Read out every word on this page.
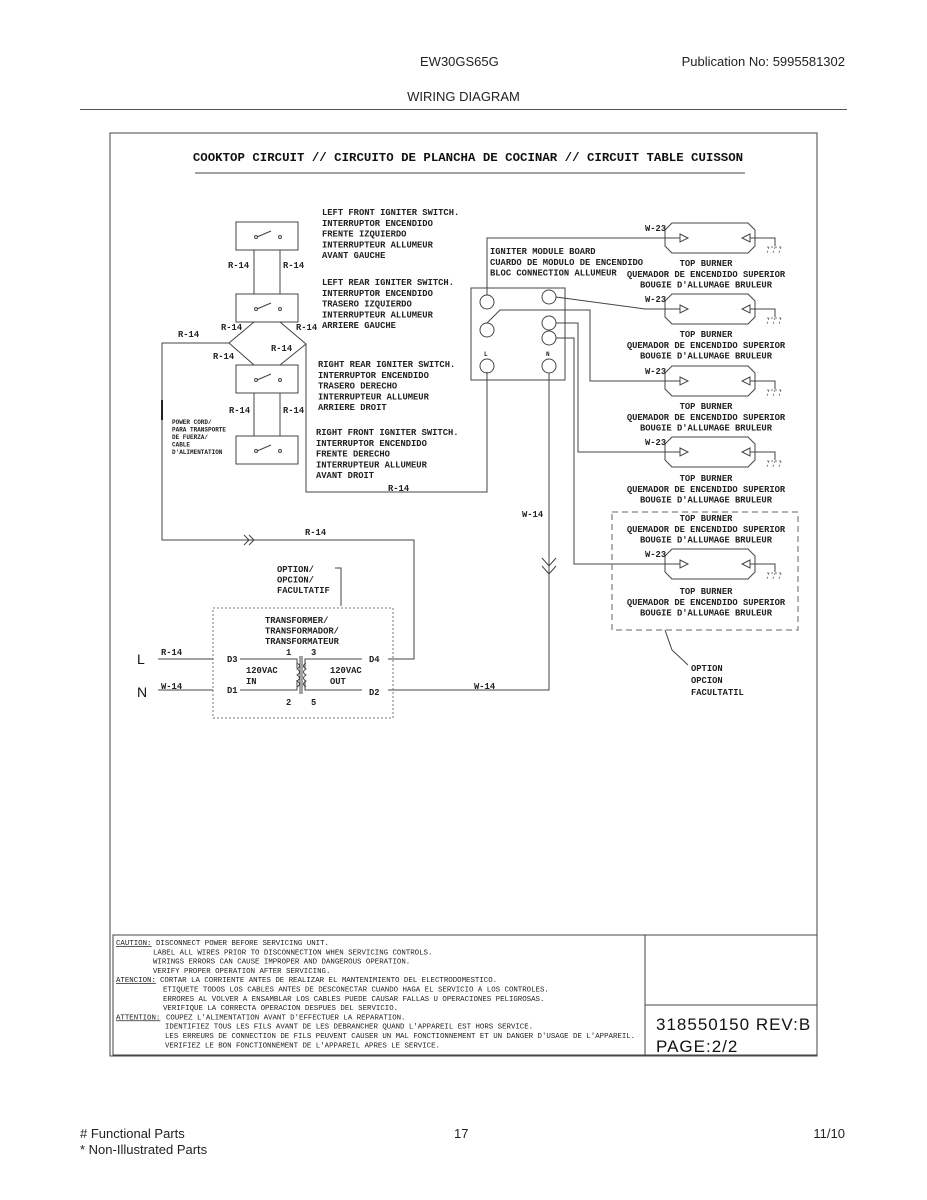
EW30GS65G	Publication No: 5995581302
WIRING DIAGRAM
COOKTOP CIRCUIT // CIRCUITO DE PLANCHA DE COCINAR // CIRCUIT TABLE CUISSON
LEFT FRONT IGNITER SWITCH.
INTERRUPTOR ENCENDIDO
FRENTE IZQUIERDO
INTERRUPTEUR ALLUMEUR
AVANT GAUCHE
LEFT REAR IGNITER SWITCH.
INTERRUPTOR ENCENDIDO
TRASERO IZQUIERDO
INTERRUPTEUR ALLUMEUR
ARRIERE GAUCHE
RIGHT REAR IGNITER SWITCH.
INTERRUPTOR ENCENDIDO
TRASERO DERECHO
INTERRUPTEUR ALLUMEUR
ARRIERE DROIT
RIGHT FRONT IGNITER SWITCH.
INTERRUPTOR ENCENDIDO
FRENTE DERECHO
INTERRUPTEUR ALLUMEUR
AVANT DROIT
R-14	R-14
R-14
R-14	R-14
R-14
R-14
R-14	R-14
R-14
R-14
R-14
W-14	W-14
W-14
POWER CORD/
PARA TRANSPORTE
DE FUERZA/
CABLE
D'ALIMENTATION
IGNITER MODULE BOARD
CUARDO DE MODULO DE ENCENDIDO
BLOC CONNECTION ALLUMEUR
L	N
W-23
W-23
W-23
W-23
W-23
TOP BURNER
QUEMADOR DE ENCENDIDO SUPERIOR
BOUGIE D'ALLUMAGE BRULEUR
TOP BURNER
QUEMADOR DE ENCENDIDO SUPERIOR
BOUGIE D'ALLUMAGE BRULEUR
TOP BURNER
QUEMADOR DE ENCENDIDO SUPERIOR
BOUGIE D'ALLUMAGE BRULEUR
TOP BURNER
QUEMADOR DE ENCENDIDO SUPERIOR
BOUGIE D'ALLUMAGE BRULEUR
TOP BURNER
QUEMADOR DE ENCENDIDO SUPERIOR
BOUGIE D'ALLUMAGE BRULEUR
TOP BURNER
QUEMADOR DE ENCENDIDO SUPERIOR
BOUGIE D'ALLUMAGE BRULEUR
OPTION
OPCION
FACULTATIL
OPTION/
OPCION/
FACULTATIF
TRANSFORMER/
TRANSFORMADOR/
TRANSFORMATEUR
L
N
D3
D1
D4
D2
1 3
2 5
120VAC
IN
120VAC
OUT
CAUTION: DISCONNECT POWER BEFORE SERVICING UNIT.
LABEL ALL WIRES PRIOR TO DISCONNECTION WHEN SERVICING CONTROLS.
WIRINGS ERRORS CAN CAUSE IMPROPER AND DANGEROUS OPERATION.
VERIFY PROPER OPERATION AFTER SERVICING.
ATENCION: CORTAR LA CORRIENTE ANTES DE REALIZAR EL MANTENIMIENTO DEL ELECTRODOMESTICO.
ETIQUETE TODOS LOS CABLES ANTES DE DESCONECTAR CUANDO HAGA EL SERVICIO A LOS CONTROLES.
ERRORES AL VOLVER A ENSAMBLAR LOS CABLES PUEDE CAUSAR FALLAS U OPERACIONES PELIGROSAS.
VERIFIQUE LA CORRECTA OPERACION DESPUES DEL SERVICIO.
ATTENTION: COUPEZ L'ALIMENTATION AVANT D'EFFECTUER LA REPARATION.
IDENTIFIEZ TOUS LES FILS AVANT DE LES DEBRANCHER QUAND L'APPAREIL EST HORS SERVICE.
LES ERREURS DE CONNECTION DE FILS PEUVENT CAUSER UN MAL FONCTIONNEMENT ET UN DANGER D'USAGE DE L'APPAREIL.
VERIFIEZ LE BON FONCTIONNEMENT DE L'APPAREIL APRES LE SERVICE.
318550150 REV:B
PAGE:2/2
# Functional Parts
* Non-Illustrated Parts
17	11/10
